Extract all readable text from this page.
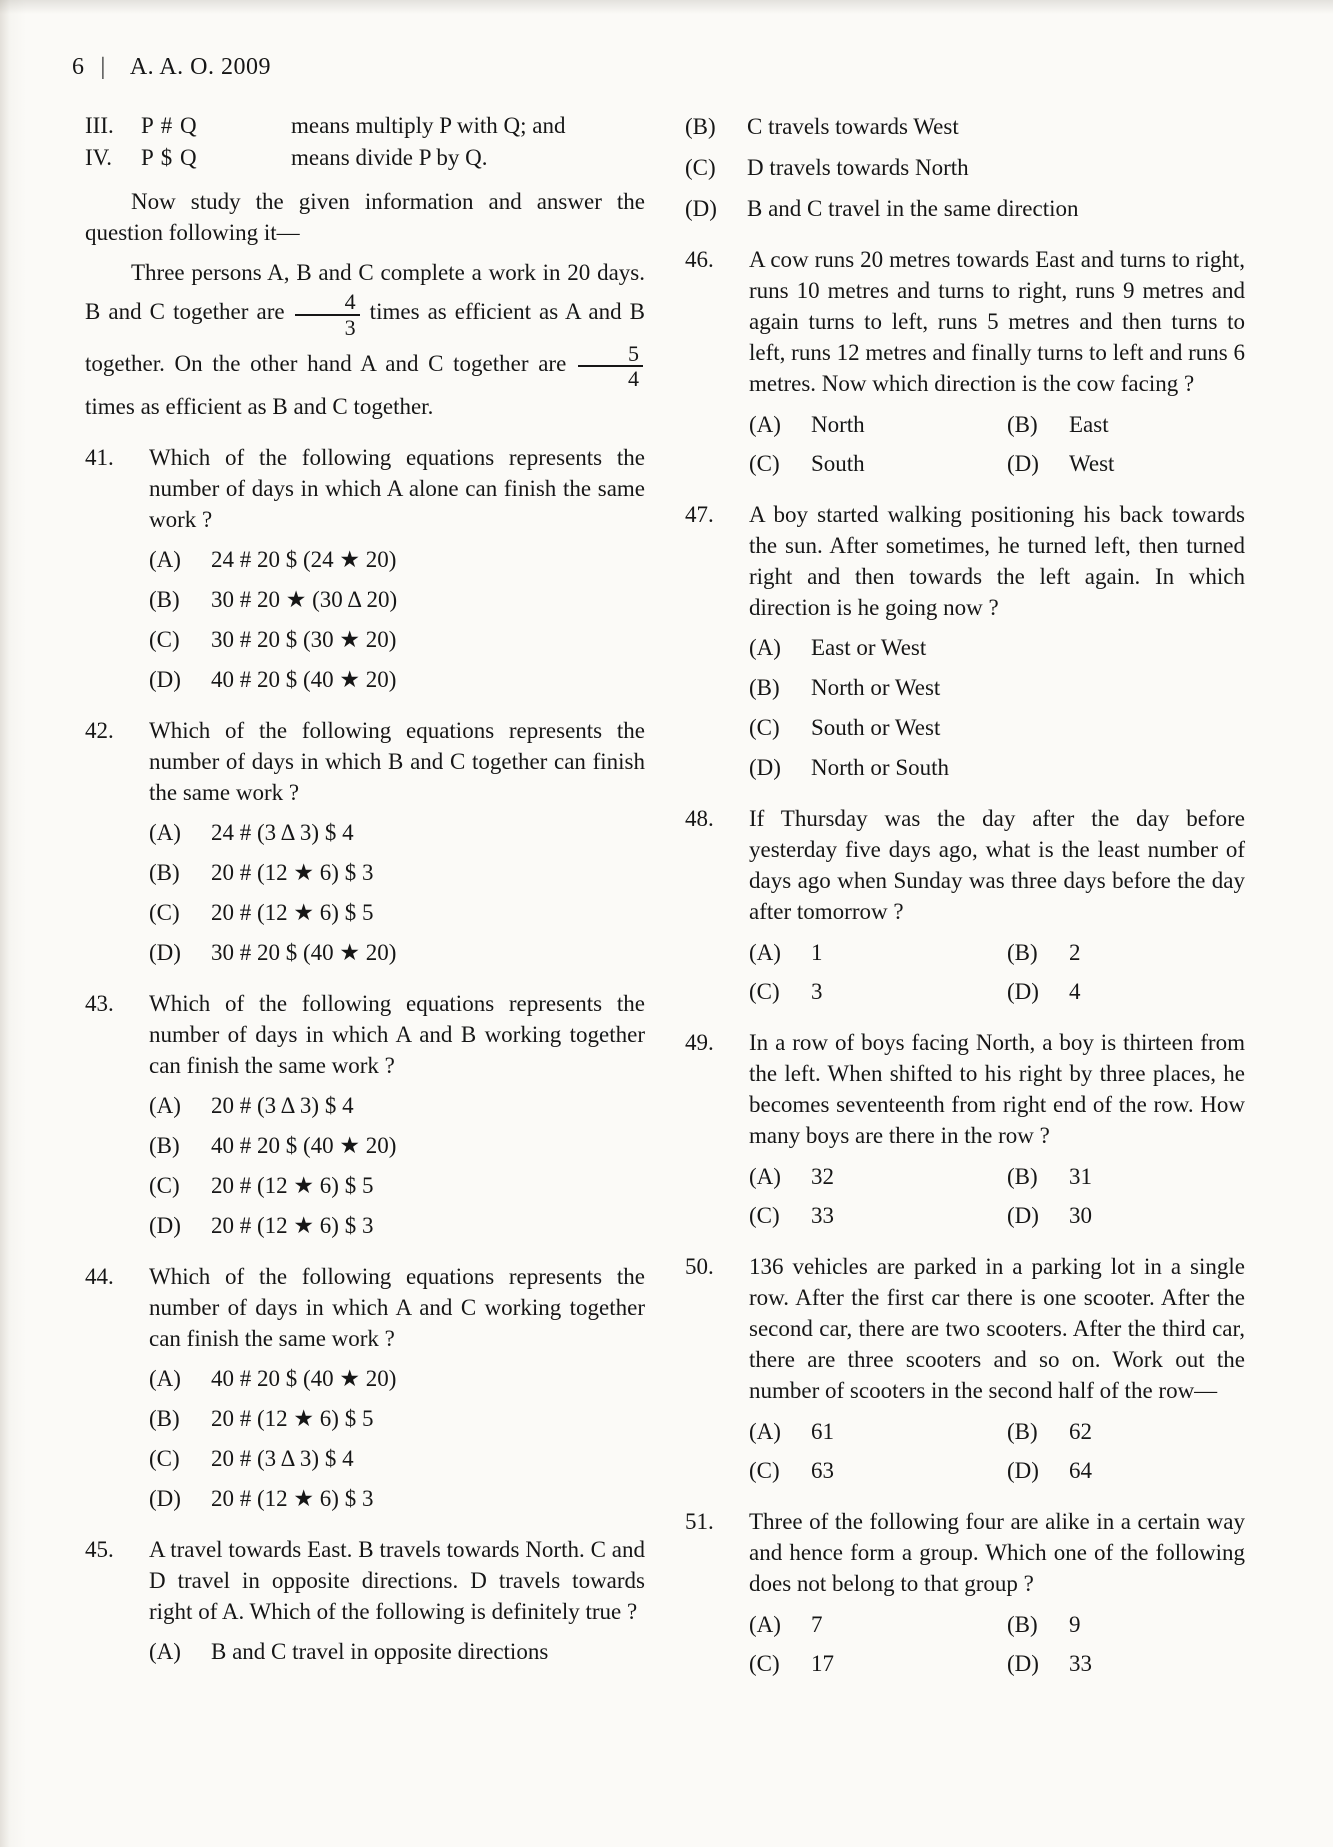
6 | A. A. O. 2009
III.	P # Q	means multiply P with Q; and
IV.	P $ Q	means divide P by Q.

Now study the given information and answer the question following it—

Three persons A, B and C complete a work in 20 days. B and C together are $\frac{4}{3}$ times as efficient as A and B together. On the other hand A and C together are $\frac{5}{4}$
times as efficient as B and C together.

41.	Which of the following equations represents the number of days in which A alone can finish the same work ?

(A)	24 # 20 $ (24 ★ 20)
(B)	30 # 20 ★ (30 Δ 20)
(C)	30 # 20 $ (30 ★ 20)
(D)	40 # 20 $ (40 ★ 20)
42.	Which of the following equations represents the number of days in which B and C together can finish the same work ?

(A)	24 # (3 Δ 3) $ 4
(B)	20 # (12 ★ 6) $ 3
(C)	20 # (12 ★ 6) $ 5
(D)	30 # 20 $ (40 ★ 20)
43.	Which of the following equations represents the number of days in which A and B working together can finish the same work ?

(A)	20 # (3 Δ 3) $ 4
(B)	40 # 20 $ (40 ★ 20)
(C)	20 # (12 ★ 6) $ 5
(D)	20 # (12 ★ 6) $ 3
44.	Which of the following equations represents the number of days in which A and C working together can finish the same work ?

(A)	40 # 20 $ (40 ★ 20)
(B)	20 # (12 ★ 6) $ 5
(C)	20 # (3 Δ 3) $ 4
(D)	20 # (12 ★ 6) $ 3
45.	A travel towards East. B travels towards North. C and D travel in opposite directions. D travels towards right of A. Which of the following is definitely true ?

(A)	B and C travel in opposite directions
(B)	C travels towards West
(C)	D travels towards North
(D)	B and C travel in the same direction
46.	A cow runs 20 metres towards East and turns to right, runs 10 metres and turns to right, runs 9 metres and again turns to left, runs 5 metres and then turns to left, runs 12 metres and finally turns to left and runs 6 metres. Now which direction is the cow facing ?

(A)	North	(B)	East
(C)	South	(D)	West
47.	A boy started walking positioning his back towards the sun. After sometimes, he turned left, then turned right and then towards the left again. In which direction is he going now ?

(A)	East or West
(B)	North or West
(C)	South or West
(D)	North or South
48.	If Thursday was the day after the day before yesterday five days ago, what is the least number of days ago when Sunday was three days before the day after tomorrow ?

(A)	1	(B)	2
(C)	3	(D)	4
49.	In a row of boys facing North, a boy is thirteen from the left. When shifted to his right by three places, he becomes seventeenth from right end of the row. How many boys are there in the row ?

(A)	32	(B)	31
(C)	33	(D)	30
50.	136 vehicles are parked in a parking lot in a single row. After the first car there is one scooter. After the second car, there are two scooters. After the third car, there are three scooters and so on. Work out the number of scooters in the second half of the row—

(A)	61	(B)	62
(C)	63	(D)	64
51.	Three of the following four are alike in a certain way and hence form a group. Which one of the following does not belong to that group ?

(A)	7	(B)	9
(C)	17	(D)	33
